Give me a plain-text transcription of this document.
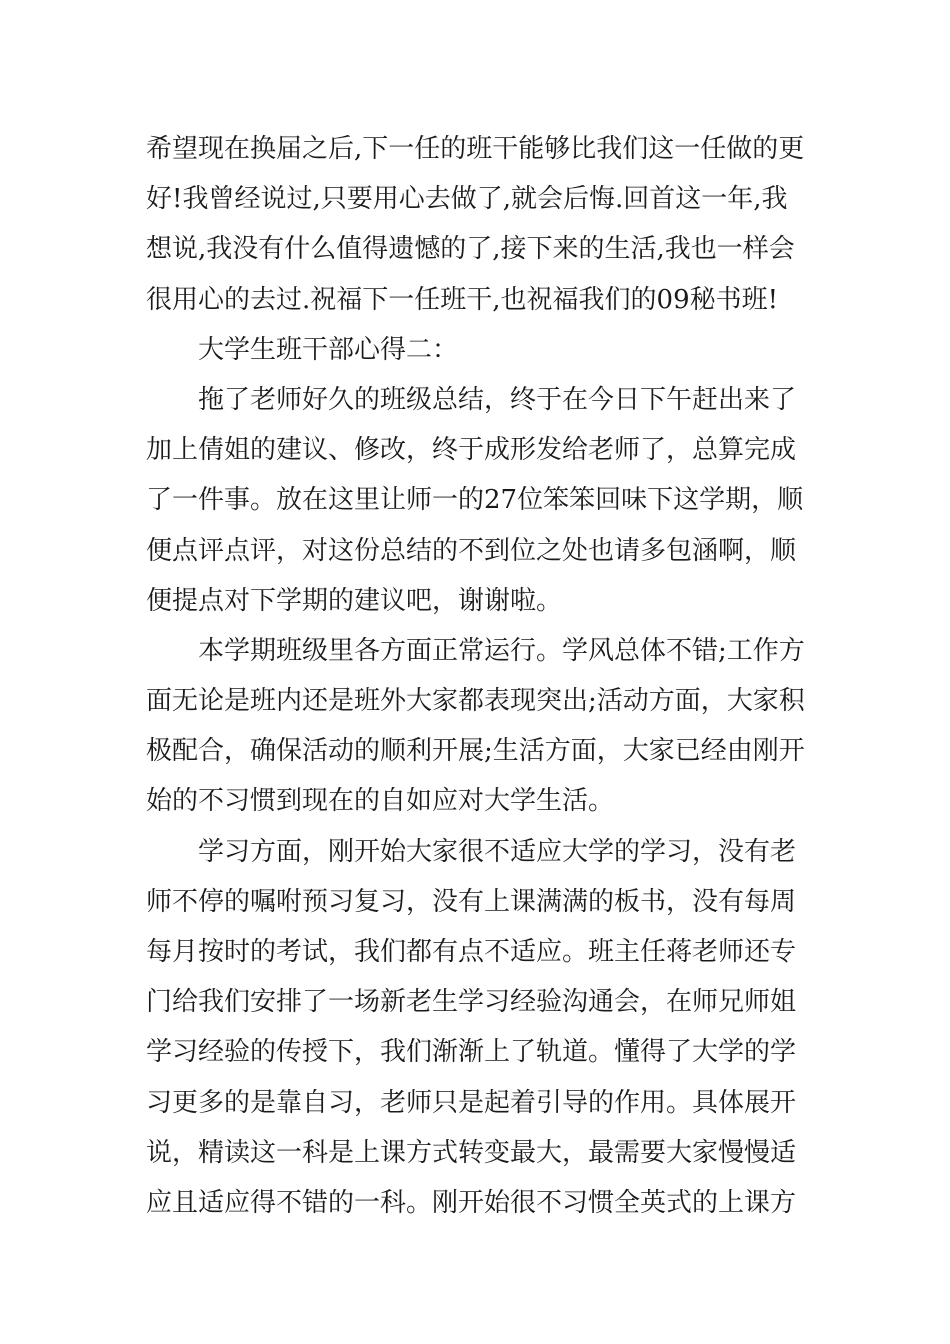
希望现在换届之后,下一任的班干能够比我们这一任做的更
好!我曾经说过,只要用心去做了,就会后悔.回首这一年,我
想说,我没有什么值得遗憾的了,接下来的生活,我也一样会
很用心的去过.祝福下一任班干,也祝福我们的09秘书班!
大学生班干部心得二：
拖了老师好久的班级总结，终于在今日下午赶出来了
加上倩姐的建议、修改，终于成形发给老师了，总算完成
了一件事。放在这里让师一的27位笨笨回味下这学期，顺
便点评点评，对这份总结的不到位之处也请多包涵啊，顺
便提点对下学期的建议吧，谢谢啦。
本学期班级里各方面正常运行。学风总体不错;工作方
面无论是班内还是班外大家都表现突出;活动方面，大家积
极配合，确保活动的顺利开展;生活方面，大家已经由刚开
始的不习惯到现在的自如应对大学生活。
学习方面，刚开始大家很不适应大学的学习，没有老
师不停的嘱咐预习复习，没有上课满满的板书，没有每周
每月按时的考试，我们都有点不适应。班主任蒋老师还专
门给我们安排了一场新老生学习经验沟通会，在师兄师姐
学习经验的传授下，我们渐渐上了轨道。懂得了大学的学
习更多的是靠自习，老师只是起着引导的作用。具体展开
说，精读这一科是上课方式转变最大，最需要大家慢慢适
应且适应得不错的一科。刚开始很不习惯全英式的上课方
